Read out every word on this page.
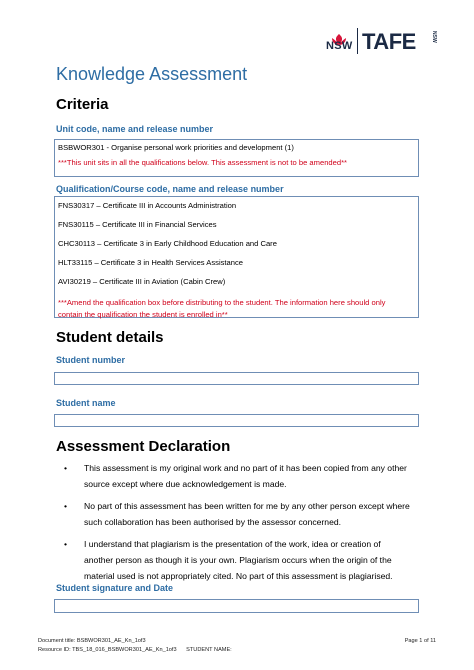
NSW TAFE	NSW
Knowledge Assessment
Criteria
Unit code, name and release number
BSBWOR301 - Organise personal work priorities and development (1)
***This unit sits in all the qualifications below. This assessment is not to be amended**
Qualification/Course code, name and release number
FNS30317 – Certificate III in Accounts Administration
FNS30115 – Certificate III in Financial Services
CHC30113 – Certificate 3 in Early Childhood Education and Care
HLT33115 – Certificate 3 in Health Services Assistance
AVI30219 – Certificate III in Aviation (Cabin Crew)
***Amend the qualification box before distributing to the student. The information here should only
contain the qualification the student is enrolled in**
Student details
Student number
Student name
Assessment Declaration
• This assessment is my original work and no part of it has been copied from any other
source except where due acknowledgement is made.
• No part of this assessment has been written for me by any other person except where
such collaboration has been authorised by the assessor concerned.
• I understand that plagiarism is the presentation of the work, idea or creation of
another person as though it is your own. Plagiarism occurs when the origin of the
material used is not appropriately cited. No part of this assessment is plagiarised.
Student signature and Date
Document title: BSBWOR301_AE_Kn_1of3
Resource ID: TBS_18_016_BSBWOR301_AE_Kn_1of3 STUDENT NAME:
Page 1 of 11
